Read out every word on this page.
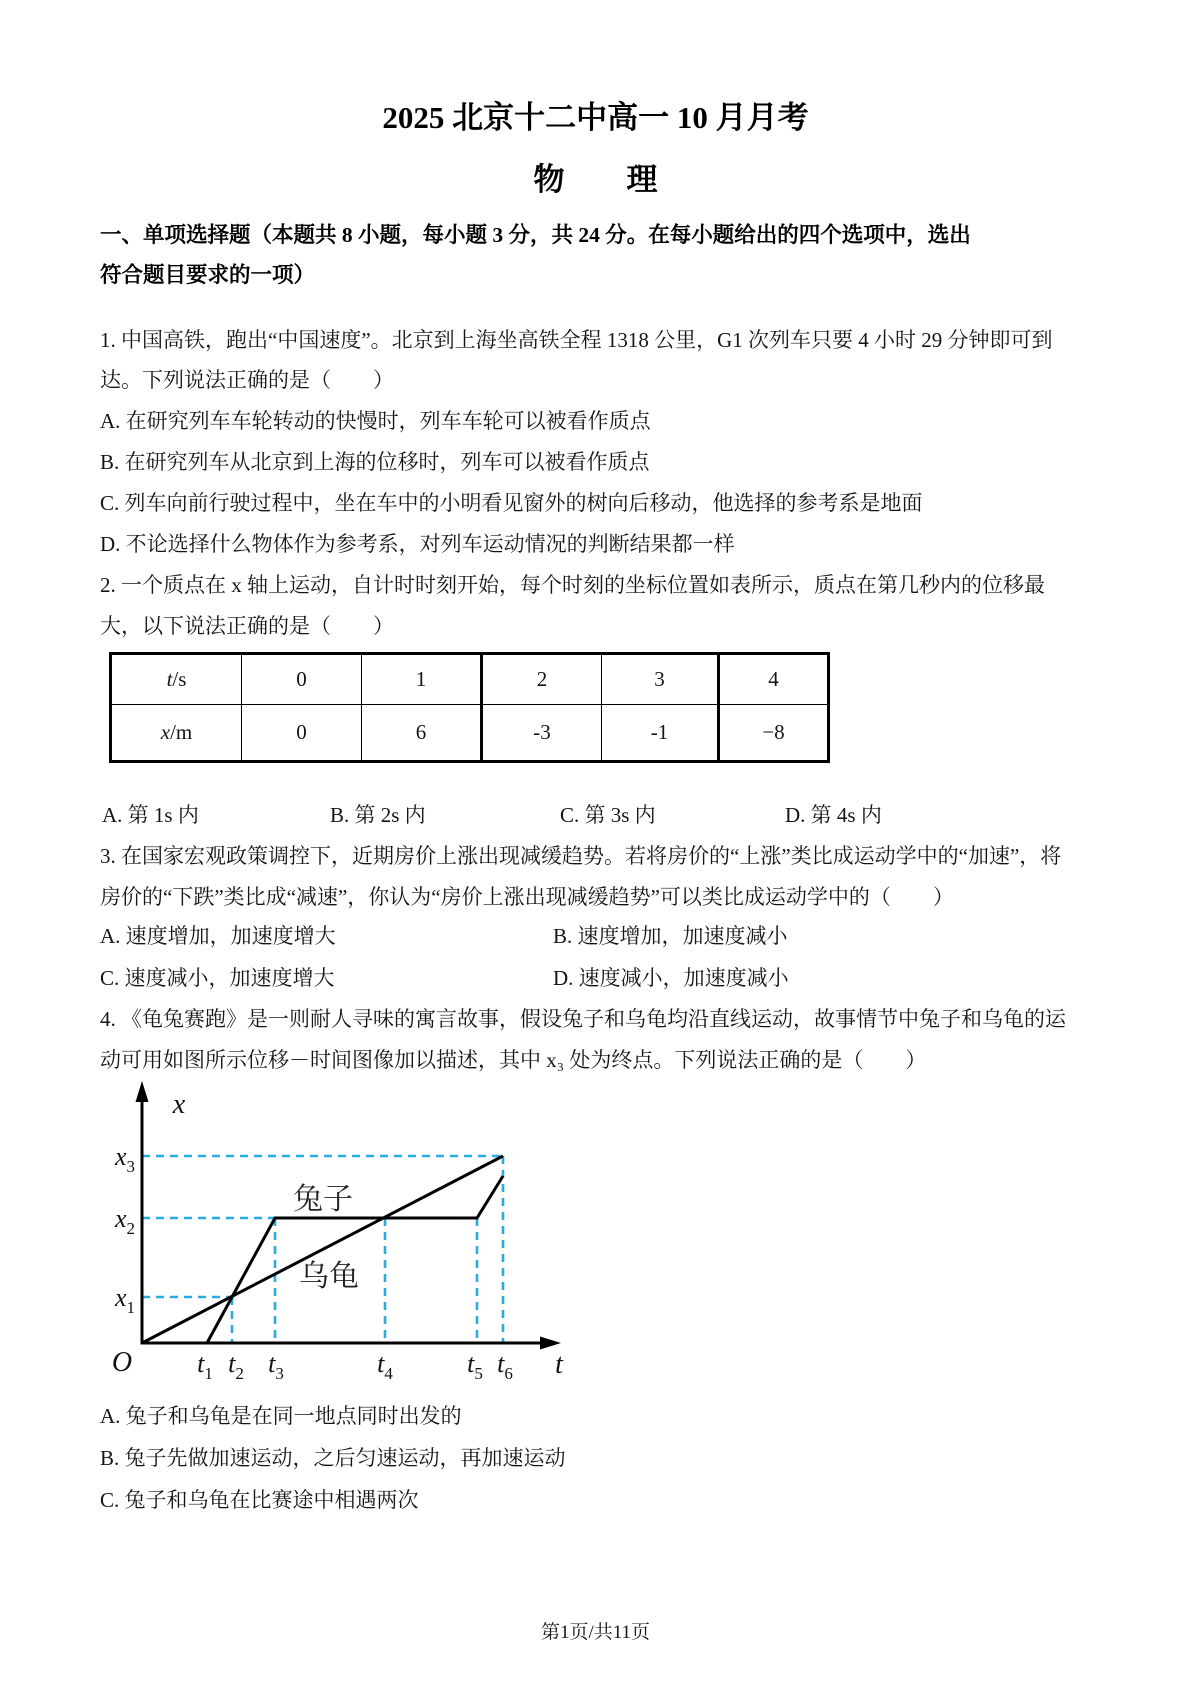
2025 北京十二中高一 10 月月考
物　　理
一、单项选择题（本题共 8 小题，每小题 3 分，共 24 分。在每小题给出的四个选项中，选出
符合题目要求的一项）
1. 中国高铁，跑出“中国速度”。北京到上海坐高铁全程 1318 公里，G1 次列车只要 4 小时 29 分钟即可到
达。下列说法正确的是（　　）
A. 在研究列车车轮转动的快慢时，列车车轮可以被看作质点
B. 在研究列车从北京到上海的位移时，列车可以被看作质点
C. 列车向前行驶过程中，坐在车中的小明看见窗外的树向后移动，他选择的参考系是地面
D. 不论选择什么物体作为参考系，对列车运动情况的判断结果都一样
2. 一个质点在 x 轴上运动，自计时时刻开始，每个时刻的坐标位置如表所示，质点在第几秒内的位移最
大，以下说法正确的是（　　）
t/s	0	1	2	3	4
x/m	0	6	-3	-1	−8
A. 第 1s 内	B. 第 2s 内	C. 第 3s 内	D. 第 4s 内
3. 在国家宏观政策调控下，近期房价上涨出现减缓趋势。若将房价的“上涨”类比成运动学中的“加速”，将
房价的“下跌”类比成“减速”，你认为“房价上涨出现减缓趋势”可以类比成运动学中的（　　）
A. 速度增加，加速度增大	B. 速度增加，加速度减小
C. 速度减小，加速度增大	D. 速度减小，加速度减小
4. 《龟兔赛跑》是一则耐人寻味的寓言故事，假设兔子和乌龟均沿直线运动，故事情节中兔子和乌龟的运
动可用如图所示位移－时间图像加以描述，其中 x₃ 处为终点。下列说法正确的是（　　）
x
t
O
$x_3$
$x_2$
$x_1$
$t_1$ $t_2$ $t_3$	$t_4$	$t_5$ $t_6$
兔子
乌龟
A. 兔子和乌龟是在同一地点同时出发的
B. 兔子先做加速运动，之后匀速运动，再加速运动
C. 兔子和乌龟在比赛途中相遇两次
第1页/共11页
